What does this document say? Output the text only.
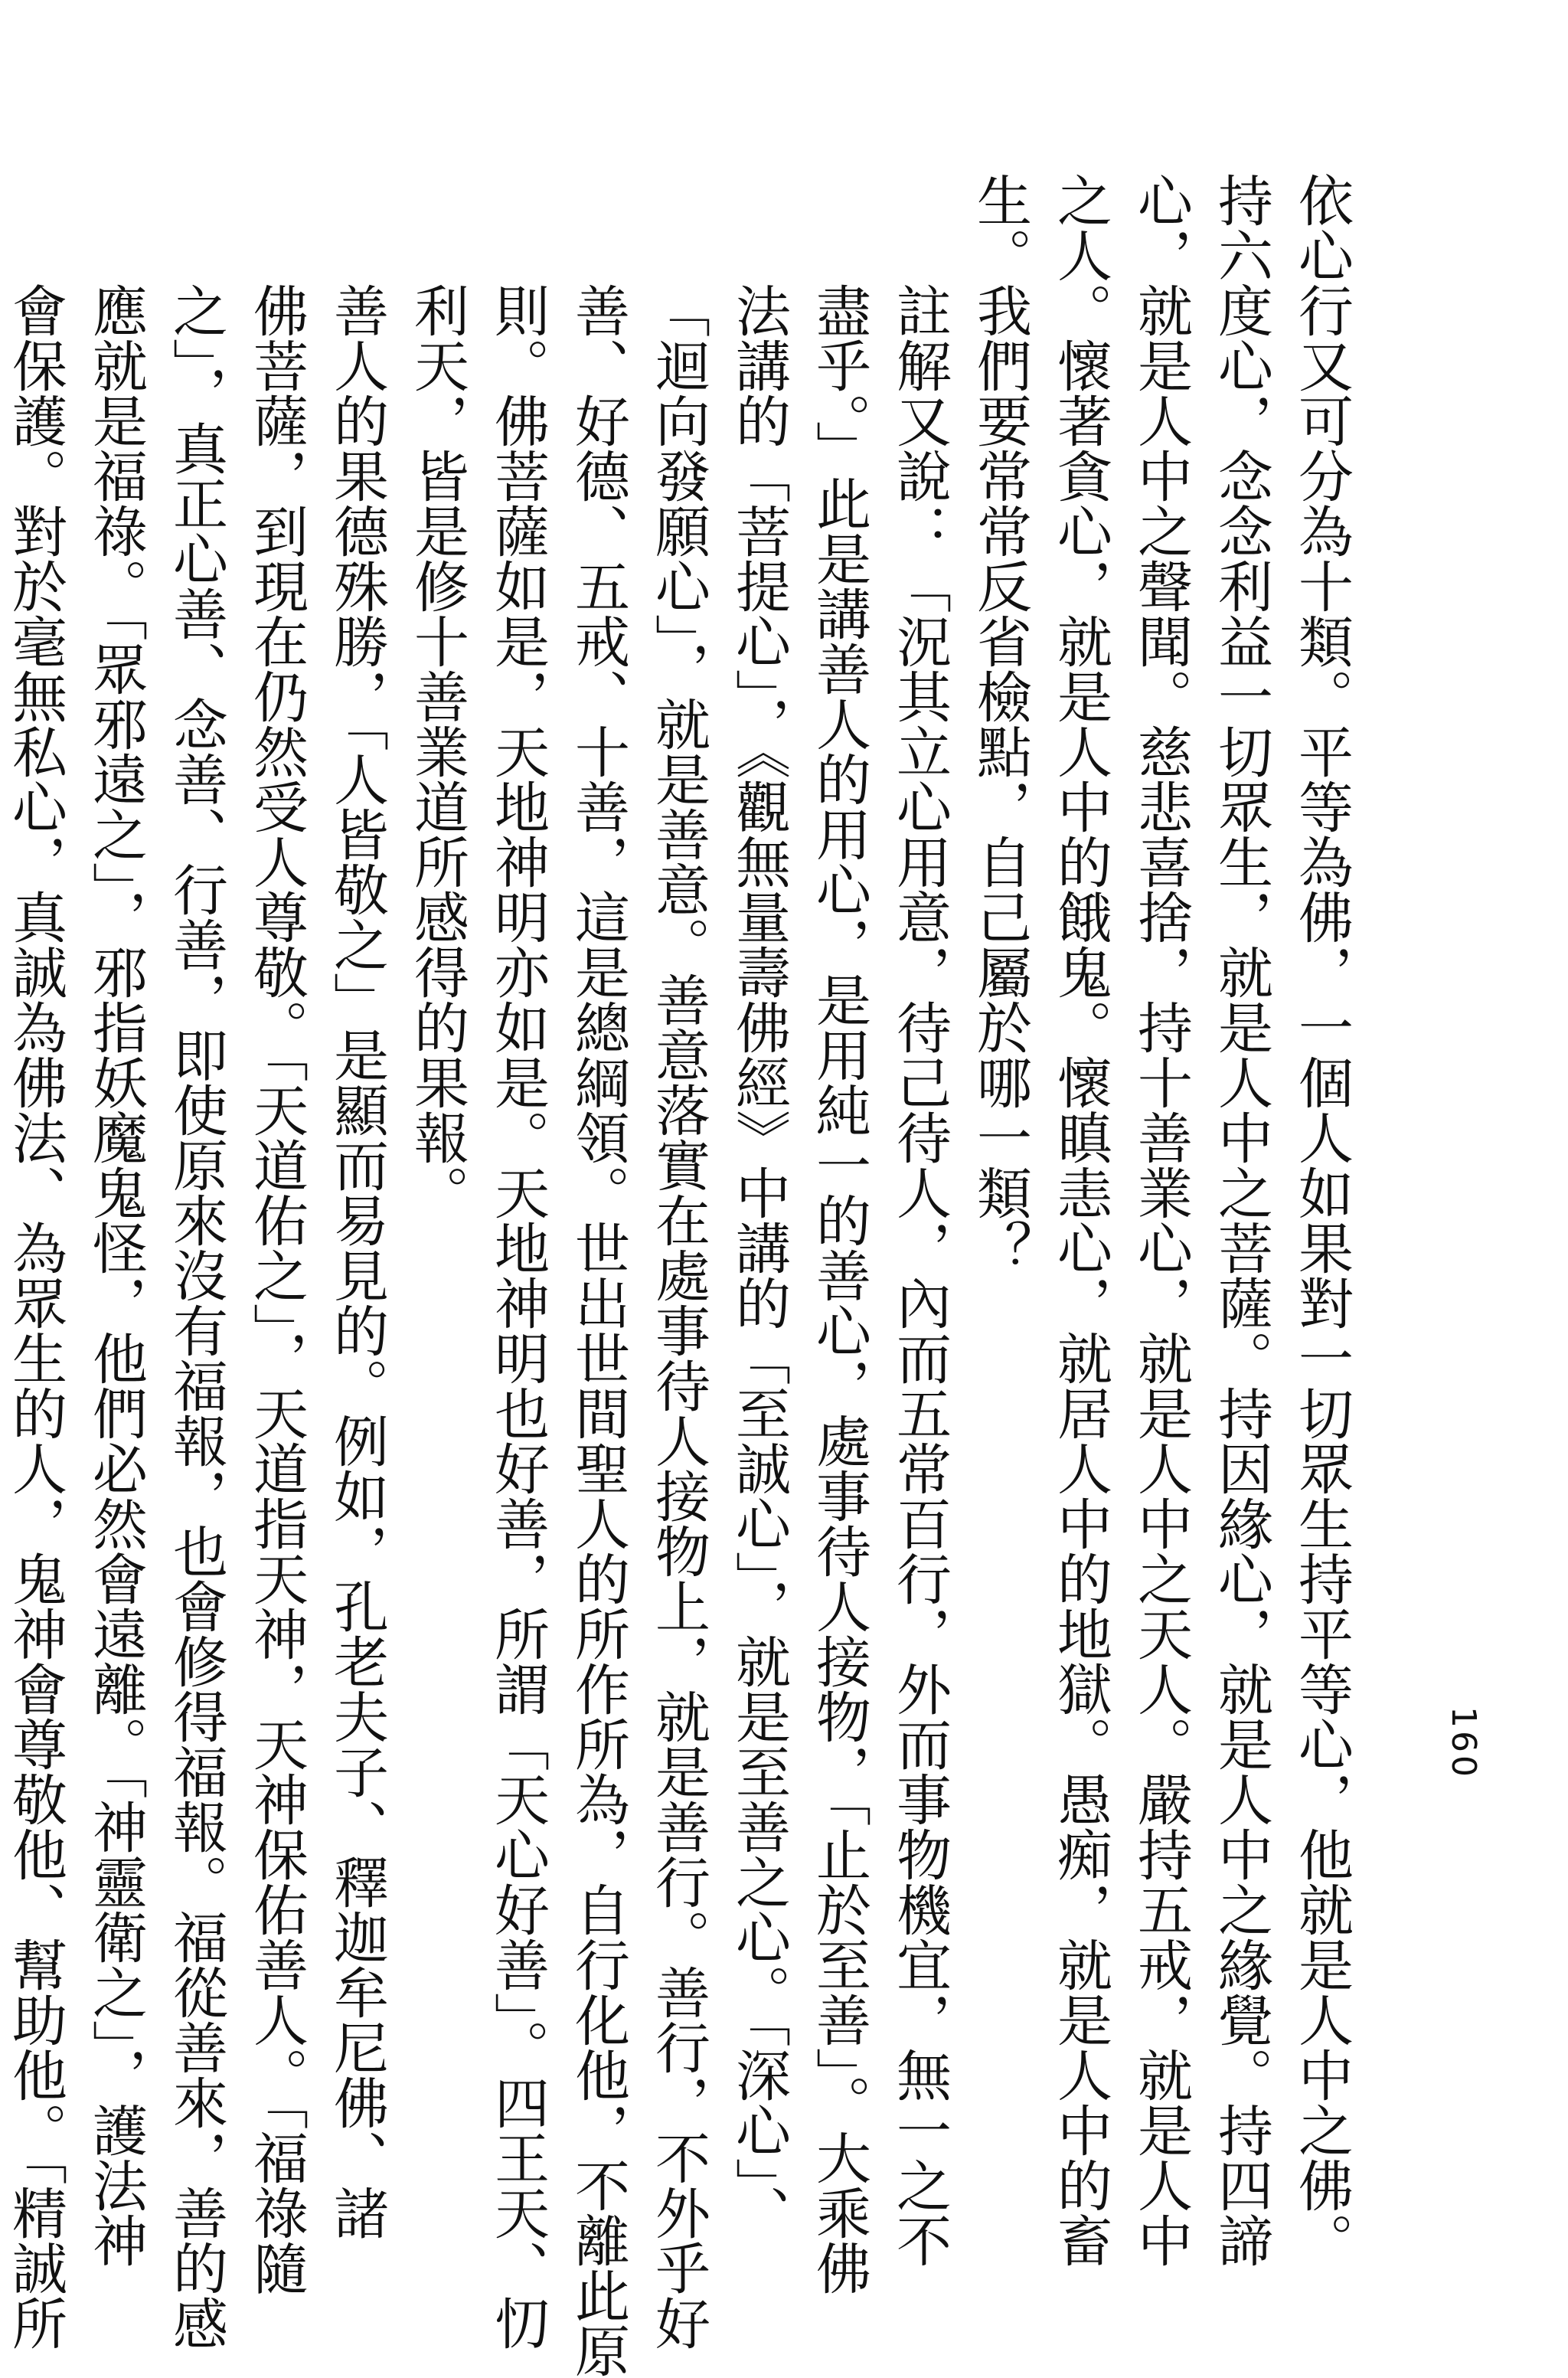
160

依心行又可分為十類。平等為佛，一個人如果對一切眾生持平等心，他就是人中之佛。
持六度心，念念利益一切眾生，就是人中之菩薩。持因緣心，就是人中之緣覺。持四諦
心，就是人中之聲聞。慈悲喜捨，持十善業心，就是人中之天人。嚴持五戒，就是人中
之人。懷著貪心，就是人中的餓鬼。懷瞋恚心，就居人中的地獄。愚痴，就是人中的畜
生。我們要常常反省檢點，自己屬於哪一類？

註解又說：「況其立心用意，待己待人，內而五常百行，外而事物機宜，無一之不
盡乎。」此是講善人的用心，是用純一的善心，處事待人接物，「止於至善」。大乘佛
法講的「菩提心」，《觀無量壽佛經》中講的「至誠心」，就是至善之心。「深心」、
「迴向發願心」，就是善意。善意落實在處事待人接物上，就是善行。善行，不外乎好
善、好德、五戒、十善，這是總綱領。世出世間聖人的所作所為，自行化他，不離此原
則。佛菩薩如是，天地神明亦如是。天地神明也好善，所謂「天心好善」。四王天、忉
利天，皆是修十善業道所感得的果報。

善人的果德殊勝，「人皆敬之」是顯而易見的。例如，孔老夫子、釋迦牟尼佛、諸
佛菩薩，到現在仍然受人尊敬。「天道佑之」，天道指天神，天神保佑善人。「福祿隨
之」，真正心善、念善、行善，即使原來沒有福報，也會修得福報。福從善來，善的感
應就是福祿。「眾邪遠之」，邪指妖魔鬼怪，他們必然會遠離。「神靈衛之」，護法神
會保護。對於毫無私心，真誠為佛法、為眾生的人，鬼神會尊敬他、幫助他。「精誠所
